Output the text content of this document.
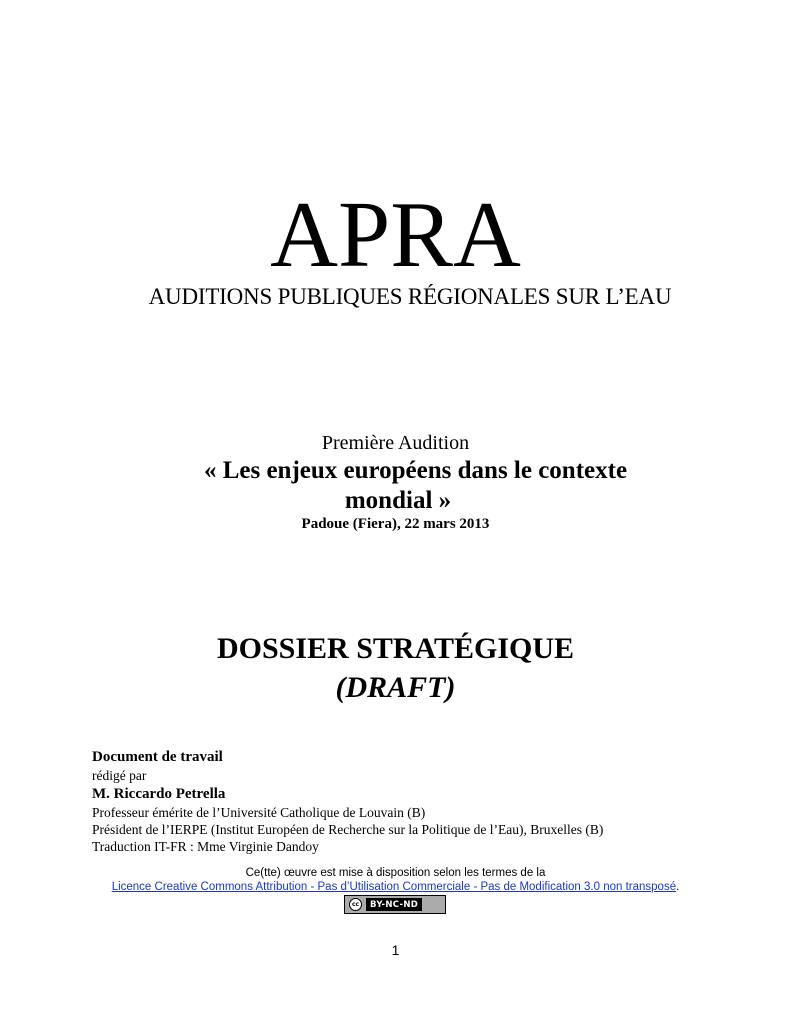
APRA
AUDITIONS PUBLIQUES RÉGIONALES SUR L’EAU
Première Audition
« Les enjeux européens dans le contexte
mondial »
Padoue (Fiera), 22 mars 2013
DOSSIER STRATÉGIQUE
(DRAFT)
Document de travail
rédigé par
M. Riccardo Petrella
Professeur émérite de l’Université Catholique de Louvain (B)
Président de l’IERPE (Institut Européen de Recherche sur la Politique de l’Eau), Bruxelles (B)
Traduction IT-FR : Mme Virginie Dandoy
Ce(tte) œuvre est mise à disposition selon les termes de la
Licence Creative Commons Attribution - Pas d’Utilisation Commerciale - Pas de Modification 3.0 non transposé.
cc	BY-NC-ND
1
